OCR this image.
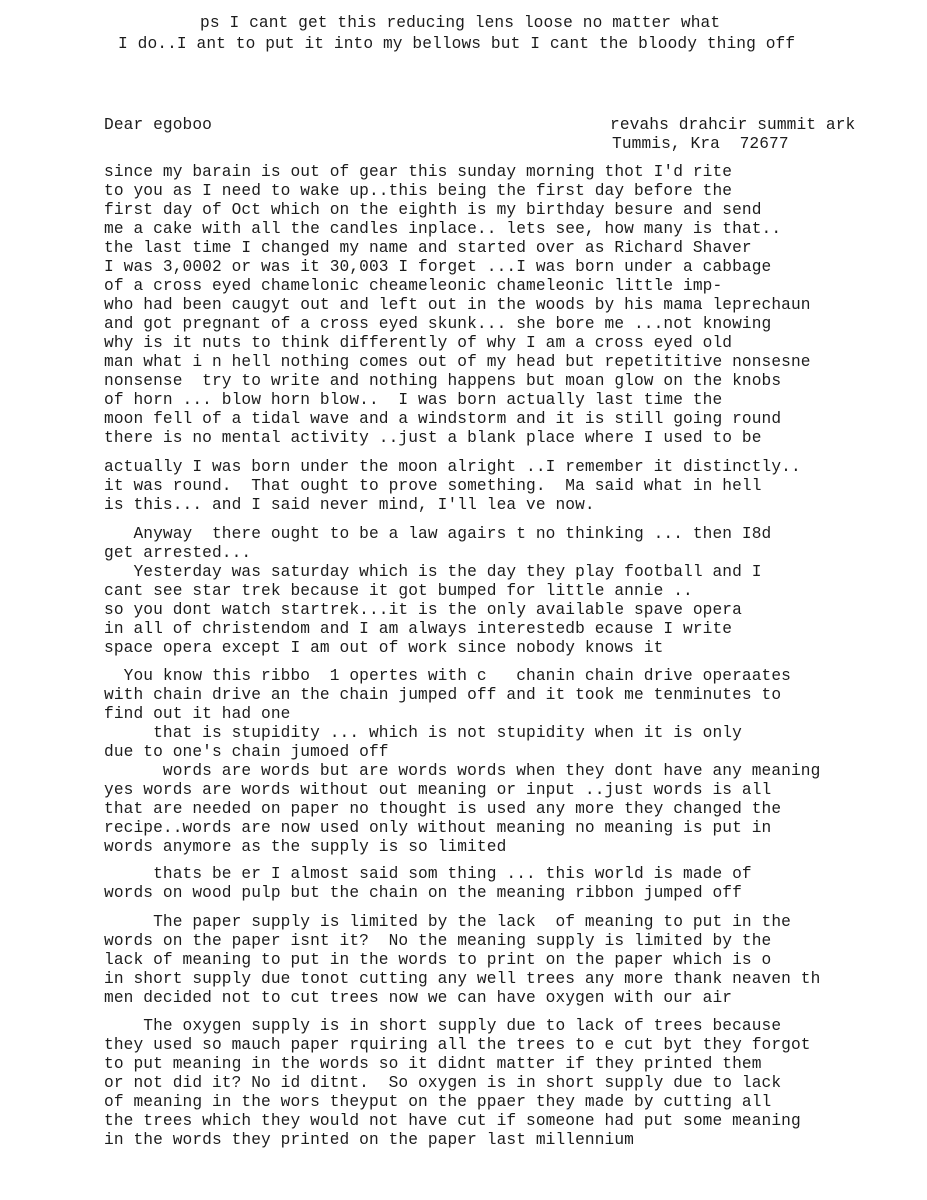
ps I cant get this reducing lens loose no matter what
I do..I ant to put it into my bellows but I cant the bloody thing off
Dear egoboo	revahs drahcir summit ark
Tummis, Kra  72677
since my barain is out of gear this sunday morning thot I'd rite
to you as I need to wake up..this being the first day before the
first day of Oct which on the eighth is my birthday besure and send
me a cake with all the candles inplace.. lets see, how many is that..
the last time I changed my name and started over as Richard Shaver
I was 3,0002 or was it 30,003 I forget ...I was born under a cabbage
of a cross eyed chamelonic cheameleonic chameleonic little imp-
who had been caugyt out and left out in the woods by his mama leprechaun
and got pregnant of a cross eyed skunk... she bore me ...not knowing
why is it nuts to think differently of why I am a cross eyed old
man what i n hell nothing comes out of my head but repetititive nonsesne
nonsense  try to write and nothing happens but moan glow on the knobs
of horn ... blow horn blow..  I was born actually last time the
moon fell of a tidal wave and a windstorm and it is still going round
there is no mental activity ..just a blank place where I used to be
actually I was born under the moon alright ..I remember it distinctly..
it was round.  That ought to prove something.  Ma said what in hell
is this... and I said never mind, I'll lea ve now.
Anyway  there ought to be a law agairs t no thinking ... then I8d
get arrested...
Yesterday was saturday which is the day they play football and I
cant see star trek because it got bumped for little annie ..
so you dont watch startrek...it is the only available spave opera
in all of christendom and I am always interestedb ecause I write
space opera except I am out of work since nobody knows it
You know this ribbo  1 opertes with c   chanin chain drive operaates
with chain drive an the chain jumped off and it took me tenminutes to
find out it had one
that is stupidity ... which is not stupidity when it is only
due to one's chain jumoed off
words are words but are words words when they dont have any meaning
yes words are words without out meaning or input ..just words is all
that are needed on paper no thought is used any more they changed the
recipe..words are now used only without meaning no meaning is put in
words anymore as the supply is so limited
thats be er I almost said som thing ... this world is made of
words on wood pulp but the chain on the meaning ribbon jumped off
The paper supply is limited by the lack  of meaning to put in the
words on the paper isnt it?  No the meaning supply is limited by the
lack of meaning to put in the words to print on the paper which is o
in short supply due tonot cutting any well trees any more thank neaven th
men decided not to cut trees now we can have oxygen with our air
The oxygen supply is in short supply due to lack of trees because
they used so mauch paper rquiring all the trees to e cut byt they forgot
to put meaning in the words so it didnt matter if they printed them
or not did it? No id ditnt.  So oxygen is in short supply due to lack
of meaning in the wors theyput on the ppaer they made by cutting all
the trees which they would not have cut if someone had put some meaning
in the words they printed on the paper last millennium
